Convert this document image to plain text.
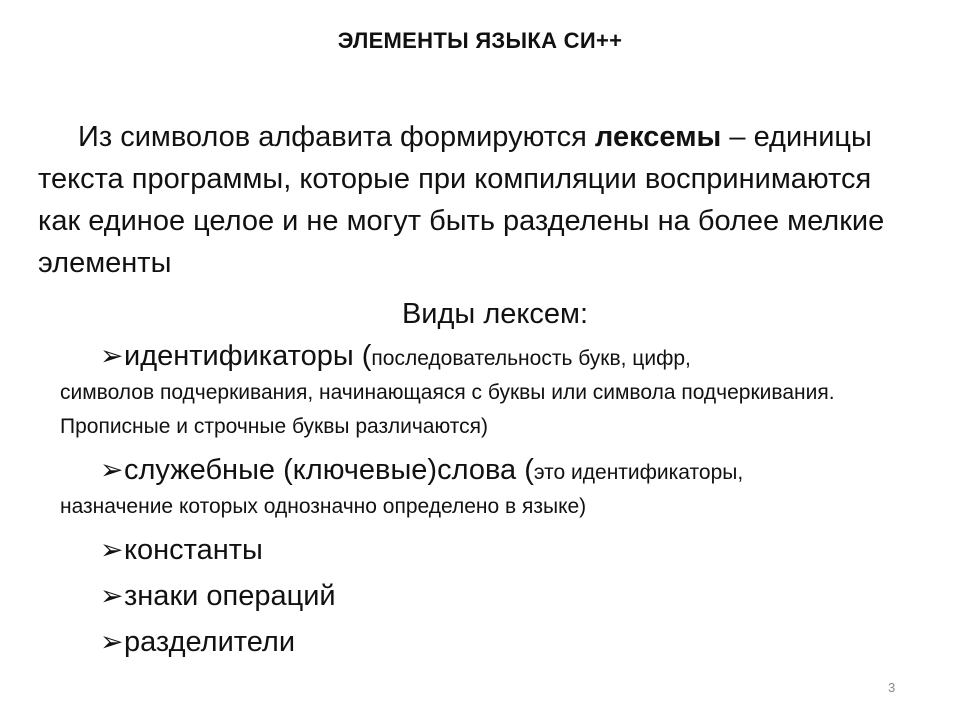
ЭЛЕМЕНТЫ ЯЗЫКА СИ++
Из символов алфавита формируются лексемы – единицы текста программы, которые при компиляции воспринимаются как единое целое и не могут быть разделены на более мелкие элементы
Виды лексем:
➢идентификаторы (последовательность букв, цифр,
символов подчеркивания, начинающаяся с буквы или символа подчеркивания. Прописные и строчные буквы различаются)
➢служебные (ключевые)слова (это идентификаторы,
назначение которых однозначно определено в языке)
➢константы
➢знаки операций
➢разделители
3
